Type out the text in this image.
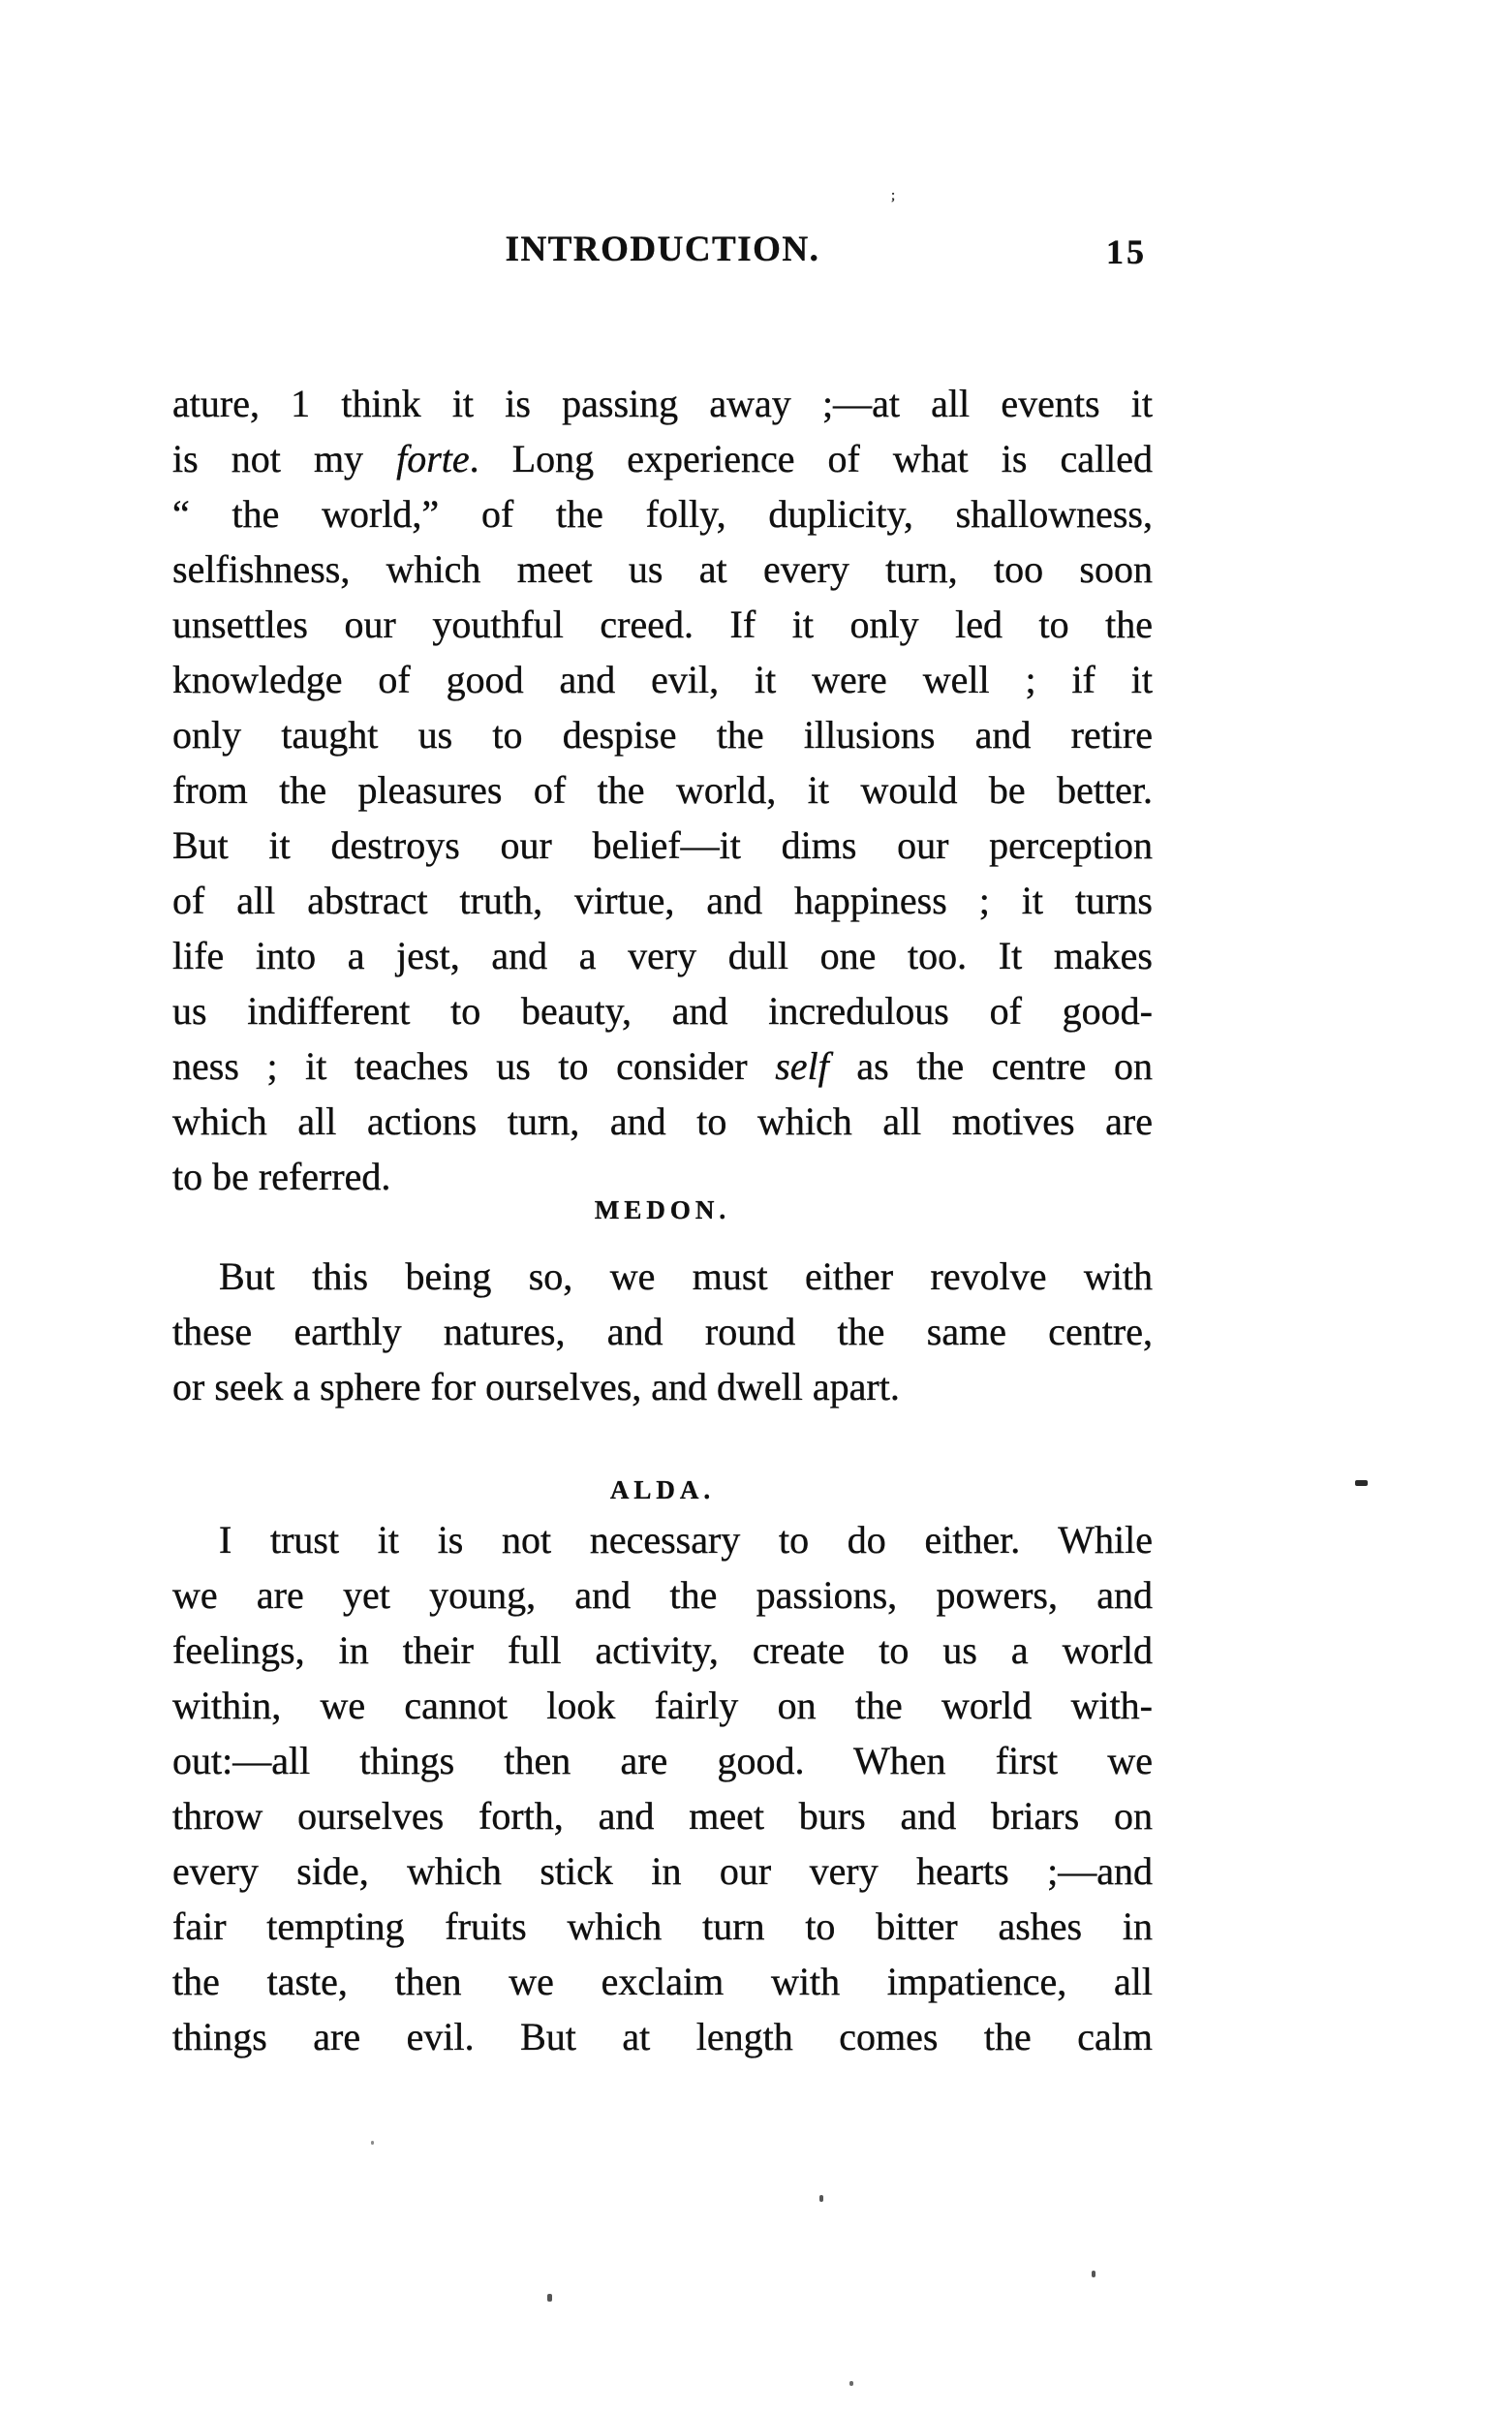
INTRODUCTION.	15
ature, 1 think it is passing away ;—at all events it
is not my forte. Long experience of what is called
“ the world,” of the folly, duplicity, shallowness,
selfishness, which meet us at every turn, too soon
unsettles our youthful creed. If it only led to the
knowledge of good and evil, it were well ; if it
only taught us to despise the illusions and retire
from the pleasures of the world, it would be better.
But it destroys our belief—it dims our perception
of all abstract truth, virtue, and happiness ; it turns
life into a jest, and a very dull one too. It makes
us indifferent to beauty, and incredulous of good-
ness ; it teaches us to consider self as the centre on
which all actions turn, and to which all motives are
to be referred.
MEDON.
But this being so, we must either revolve with
these earthly natures, and round the same centre,
or seek a sphere for ourselves, and dwell apart.
ALDA.
I trust it is not necessary to do either. While
we are yet young, and the passions, powers, and
feelings, in their full activity, create to us a world
within, we cannot look fairly on the world with-
out:—all things then are good. When first we
throw ourselves forth, and meet burs and briars on
every side, which stick in our very hearts ;—and
fair tempting fruits which turn to bitter ashes in
the taste, then we exclaim with impatience, all
things are evil. But at length comes the calm
;
